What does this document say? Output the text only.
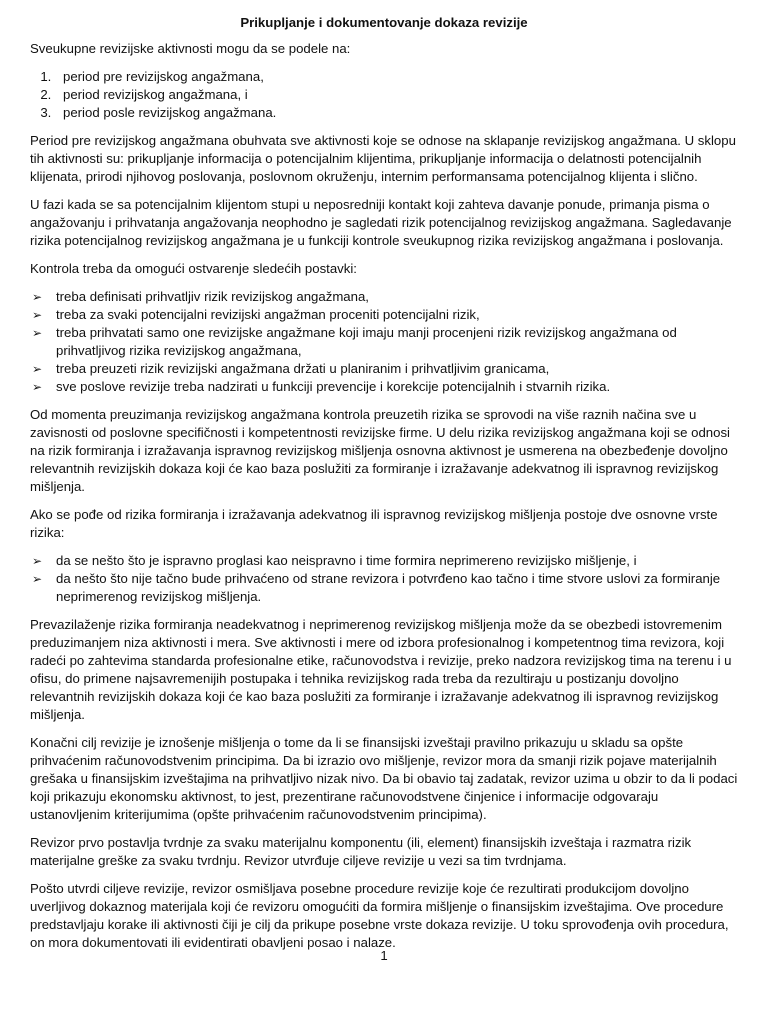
Prikupljanje i dokumentovanje dokaza revizije

Sveukupne revizijske aktivnosti mogu da se podele na:

1. period pre revizijskog angažmana,
2. period revizijskog angažmana, i
3. period posle revizijskog angažmana.

Period pre revizijskog angažmana obuhvata sve aktivnosti koje se odnose na sklapanje revizijskog angažmana. U sklopu tih aktivnosti su: prikupljanje informacija o potencijalnim klijentima, prikupljanje informacija o delatnosti potencijalnih klijenata, prirodi njihovog poslovanja, poslovnom okruženju, internim performansama potencijalnog klijenta i slično.

U fazi kada se sa potencijalnim klijentom stupi u neposredniji kontakt koji zahteva davanje ponude, primanja pisma o angažovanju i prihvatanja angažovanja neophodno je sagledati rizik potencijalnog revizijskog angažmana. Sagledavanje rizika potencijalnog revizijskog angažmana je u funkciji kontrole sveukupnog rizika revizijskog angažmana i poslovanja.

Kontrola treba da omogući ostvarenje sledećih postavki:

➢ treba definisati prihvatljiv rizik revizijskog angažmana,
➢ treba za svaki potencijalni revizijski angažman proceniti potencijalni rizik,
➢ treba prihvatati samo one revizijske angažmane koji imaju manji procenjeni rizik revizijskog angažmana od prihvatljivog rizika revizijskog angažmana,
➢ treba preuzeti rizik revizijski angažmana držati u planiranim i prihvatljivim granicama,
➢ sve poslove revizije treba nadzirati u funkciji prevencije i korekcije potencijalnih i stvarnih rizika.

Od momenta preuzimanja revizijskog angažmana kontrola preuzetih rizika se sprovodi na više raznih načina sve u zavisnosti od poslovne specifičnosti i kompetentnosti revizijske firme. U delu rizika revizijskog angažmana koji se odnosi na rizik formiranja i izražavanja ispravnog revizijskog mišljenja osnovna aktivnost je usmerena na obezbeđenje dovoljno relevantnih revizijskih dokaza koji će kao baza poslužiti za formiranje i izražavanje adekvatnog ili ispravnog revizijskog mišljenja.

Ako se pođe od rizika formiranja i izražavanja adekvatnog ili ispravnog revizijskog mišljenja postoje dve osnovne vrste rizika:

➢ da se nešto što je ispravno proglasi kao neispravno i time formira neprimereno revizijsko mišljenje, i
➢ da nešto što nije tačno bude prihvaćeno od strane revizora i potvrđeno kao tačno i time stvore uslovi za formiranje neprimerenog revizijskog mišljenja.

Prevazilaženje rizika formiranja neadekvatnog i neprimerenog revizijskog mišljenja može da se obezbedi istovremenim preduzimanjem niza aktivnosti i mera. Sve aktivnosti i mere od izbora profesionalnog i kompetentnog tima revizora, koji radeći po zahtevima standarda profesionalne etike, računovodstva i revizije, preko nadzora revizijskog tima na terenu i u ofisu, do primene najsavremenijih postupaka i tehnika revizijskog rada treba da rezultiraju u postizanju dovoljno relevantnih revizijskih dokaza koji će kao baza poslužiti za formiranje i izražavanje adekvatnog ili ispravnog revizijskog mišljenja.

Konačni cilj revizije je iznošenje mišljenja o tome da li se finansijski izveštaji pravilno prikazuju u skladu sa opšte prihvaćenim računovodstvenim principima. Da bi izrazio ovo mišljenje, revizor mora da smanji rizik pojave materijalnih grešaka u finansijskim izveštajima na prihvatljivo nizak nivo. Da bi obavio taj zadatak, revizor uzima u obzir to da li podaci koji prikazuju ekonomsku aktivnost, to jest, prezentirane računovodstvene činjenice i informacije odgovaraju ustanovljenim kriterijumima (opšte prihvaćenim računovodstvenim principima).

Revizor prvo postavlja tvrdnje za svaku materijalnu komponentu (ili, element) finansijskih izveštaja i razmatra rizik materijalne greške za svaku tvrdnju. Revizor utvrđuje ciljeve revizije u vezi sa tim tvrdnjama.

Pošto utvrdi ciljeve revizije, revizor osmišljava posebne procedure revizije koje će rezultirati produkcijom dovoljno uverljivog dokaznog materijala koji će revizoru omogućiti da formira mišljenje o finansijskim izveštajima. Ove procedure predstavljaju korake ili aktivnosti čiji je cilj da prikupe posebne vrste dokaza revizije. U toku sprovođenja ovih procedura, on mora dokumentovati ili evidentirati obavljeni posao i nalaze.

1
